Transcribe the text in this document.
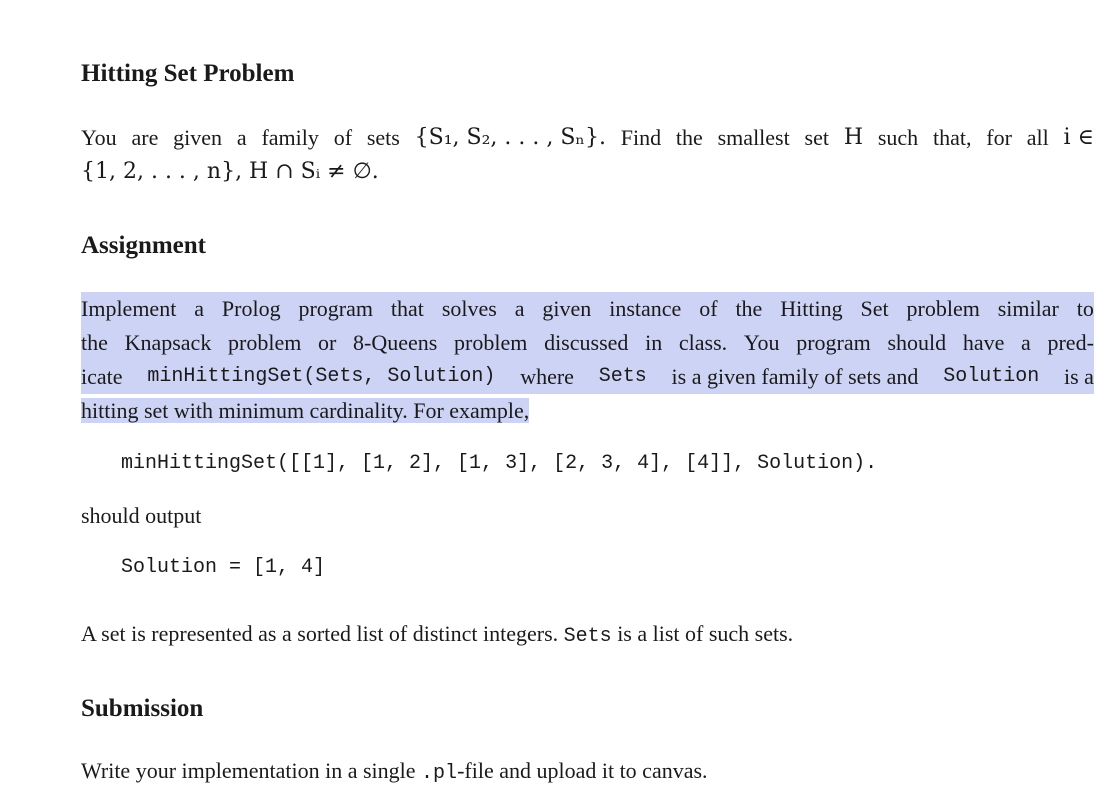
Hitting Set Problem
You are given a family of sets {S₁, S₂, . . . , Sₙ}. Find the smallest set H such that, for all i ∈
{1, 2, . . . , n}, H ∩ Sᵢ ≠ ∅.
Assignment
Implement a Prolog program that solves a given instance of the Hitting Set problem similar to
the Knapsack problem or 8-Queens problem discussed in class. You program should have a pred-
icate minHittingSet(Sets, Solution) where Sets is a given family of sets and Solution is a
hitting set with minimum cardinality. For example,
minHittingSet([[1], [1, 2], [1, 3], [2, 3, 4], [4]], Solution).
should output
Solution = [1, 4]
A set is represented as a sorted list of distinct integers. Sets is a list of such sets.
Submission
Write your implementation in a single .pl-file and upload it to canvas.
